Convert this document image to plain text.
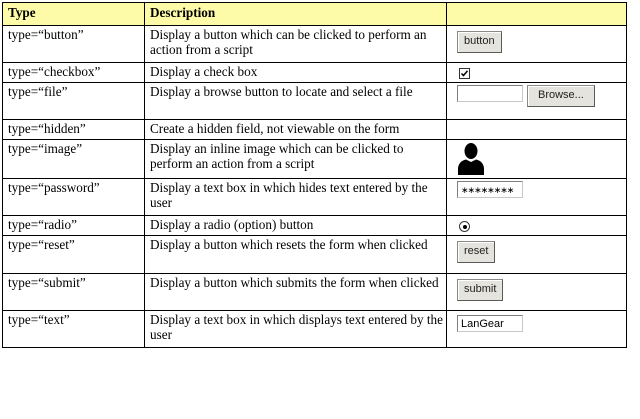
Type	Description	
type=“button”	Display a button which can be clicked to perform an action from a script	button
type=“checkbox”	Display a check box	

type=“file”	Display a browse button to locate and select a file	Browse...
type=“hidden”	Create a hidden field, not viewable on the form	
type=“image”	Display an inline image which can be clicked to perform an action from a script	
type=“password”	Display a text box in which hides text entered by the user	∗∗∗∗∗∗∗∗
type=“radio”	Display a radio (option) button	

type=“reset”	Display a button which resets the form when clicked	reset
type=“submit”	Display a button which submits the form when clicked	submit
type=“text”	Display a text box in which displays text entered by the user	LanGear
